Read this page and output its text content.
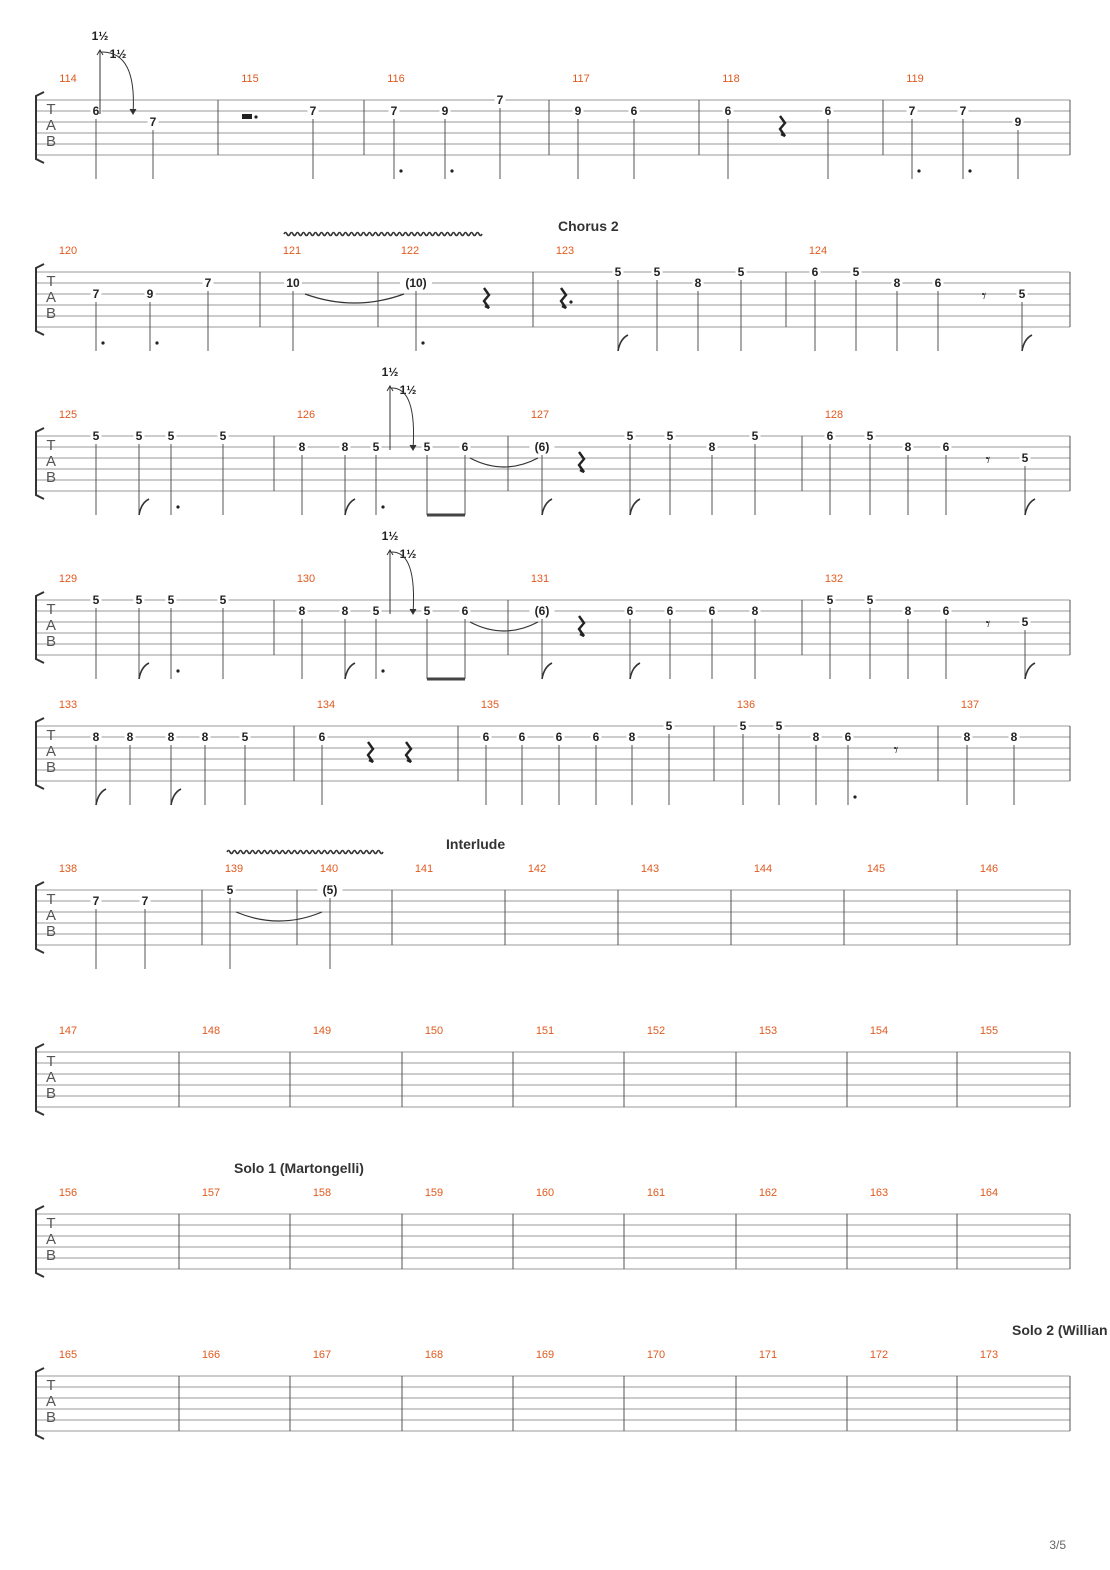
T
A
B
114
6
7
115
7
116
7	9
7
117
9	6
118
6	6
119
7	7
9
1½
1½
Chorus 2
T
A
B
120
7	9
7
121
10
122
(10)
123
5	5
8
5
124
6	5
8	6
𝄾	5
T
A
B
125
5	5 5	5
126
8	8 5	5	6
127
(6)
5	5
8
5
128
6	5
8	6
𝄾	5
1½
1½
T
A
B
129
5	5 5	5
130
8	8 5	5	6
131
(6)	6	6	6	8
132
5	5
8	6
𝄾	5
1½
1½
T
A
B
133
8 8	8 8	5
134
6
135
6 6	6	6 8
5
136
5 5
8 6
𝄾
137
8	8
Interlude
T
A
B
138
7	7
139
5
140
(5)
141	142	143	144	145	146
T
A
B
147	148	149	150	151	152	153	154	155
Solo 1 (Martongelli)
T
A
B
156	157	158	159	160	161	162	163	164
Solo 2 (Willian
T
A
B
165	166	167	168	169	170	171	172	173
3/5
